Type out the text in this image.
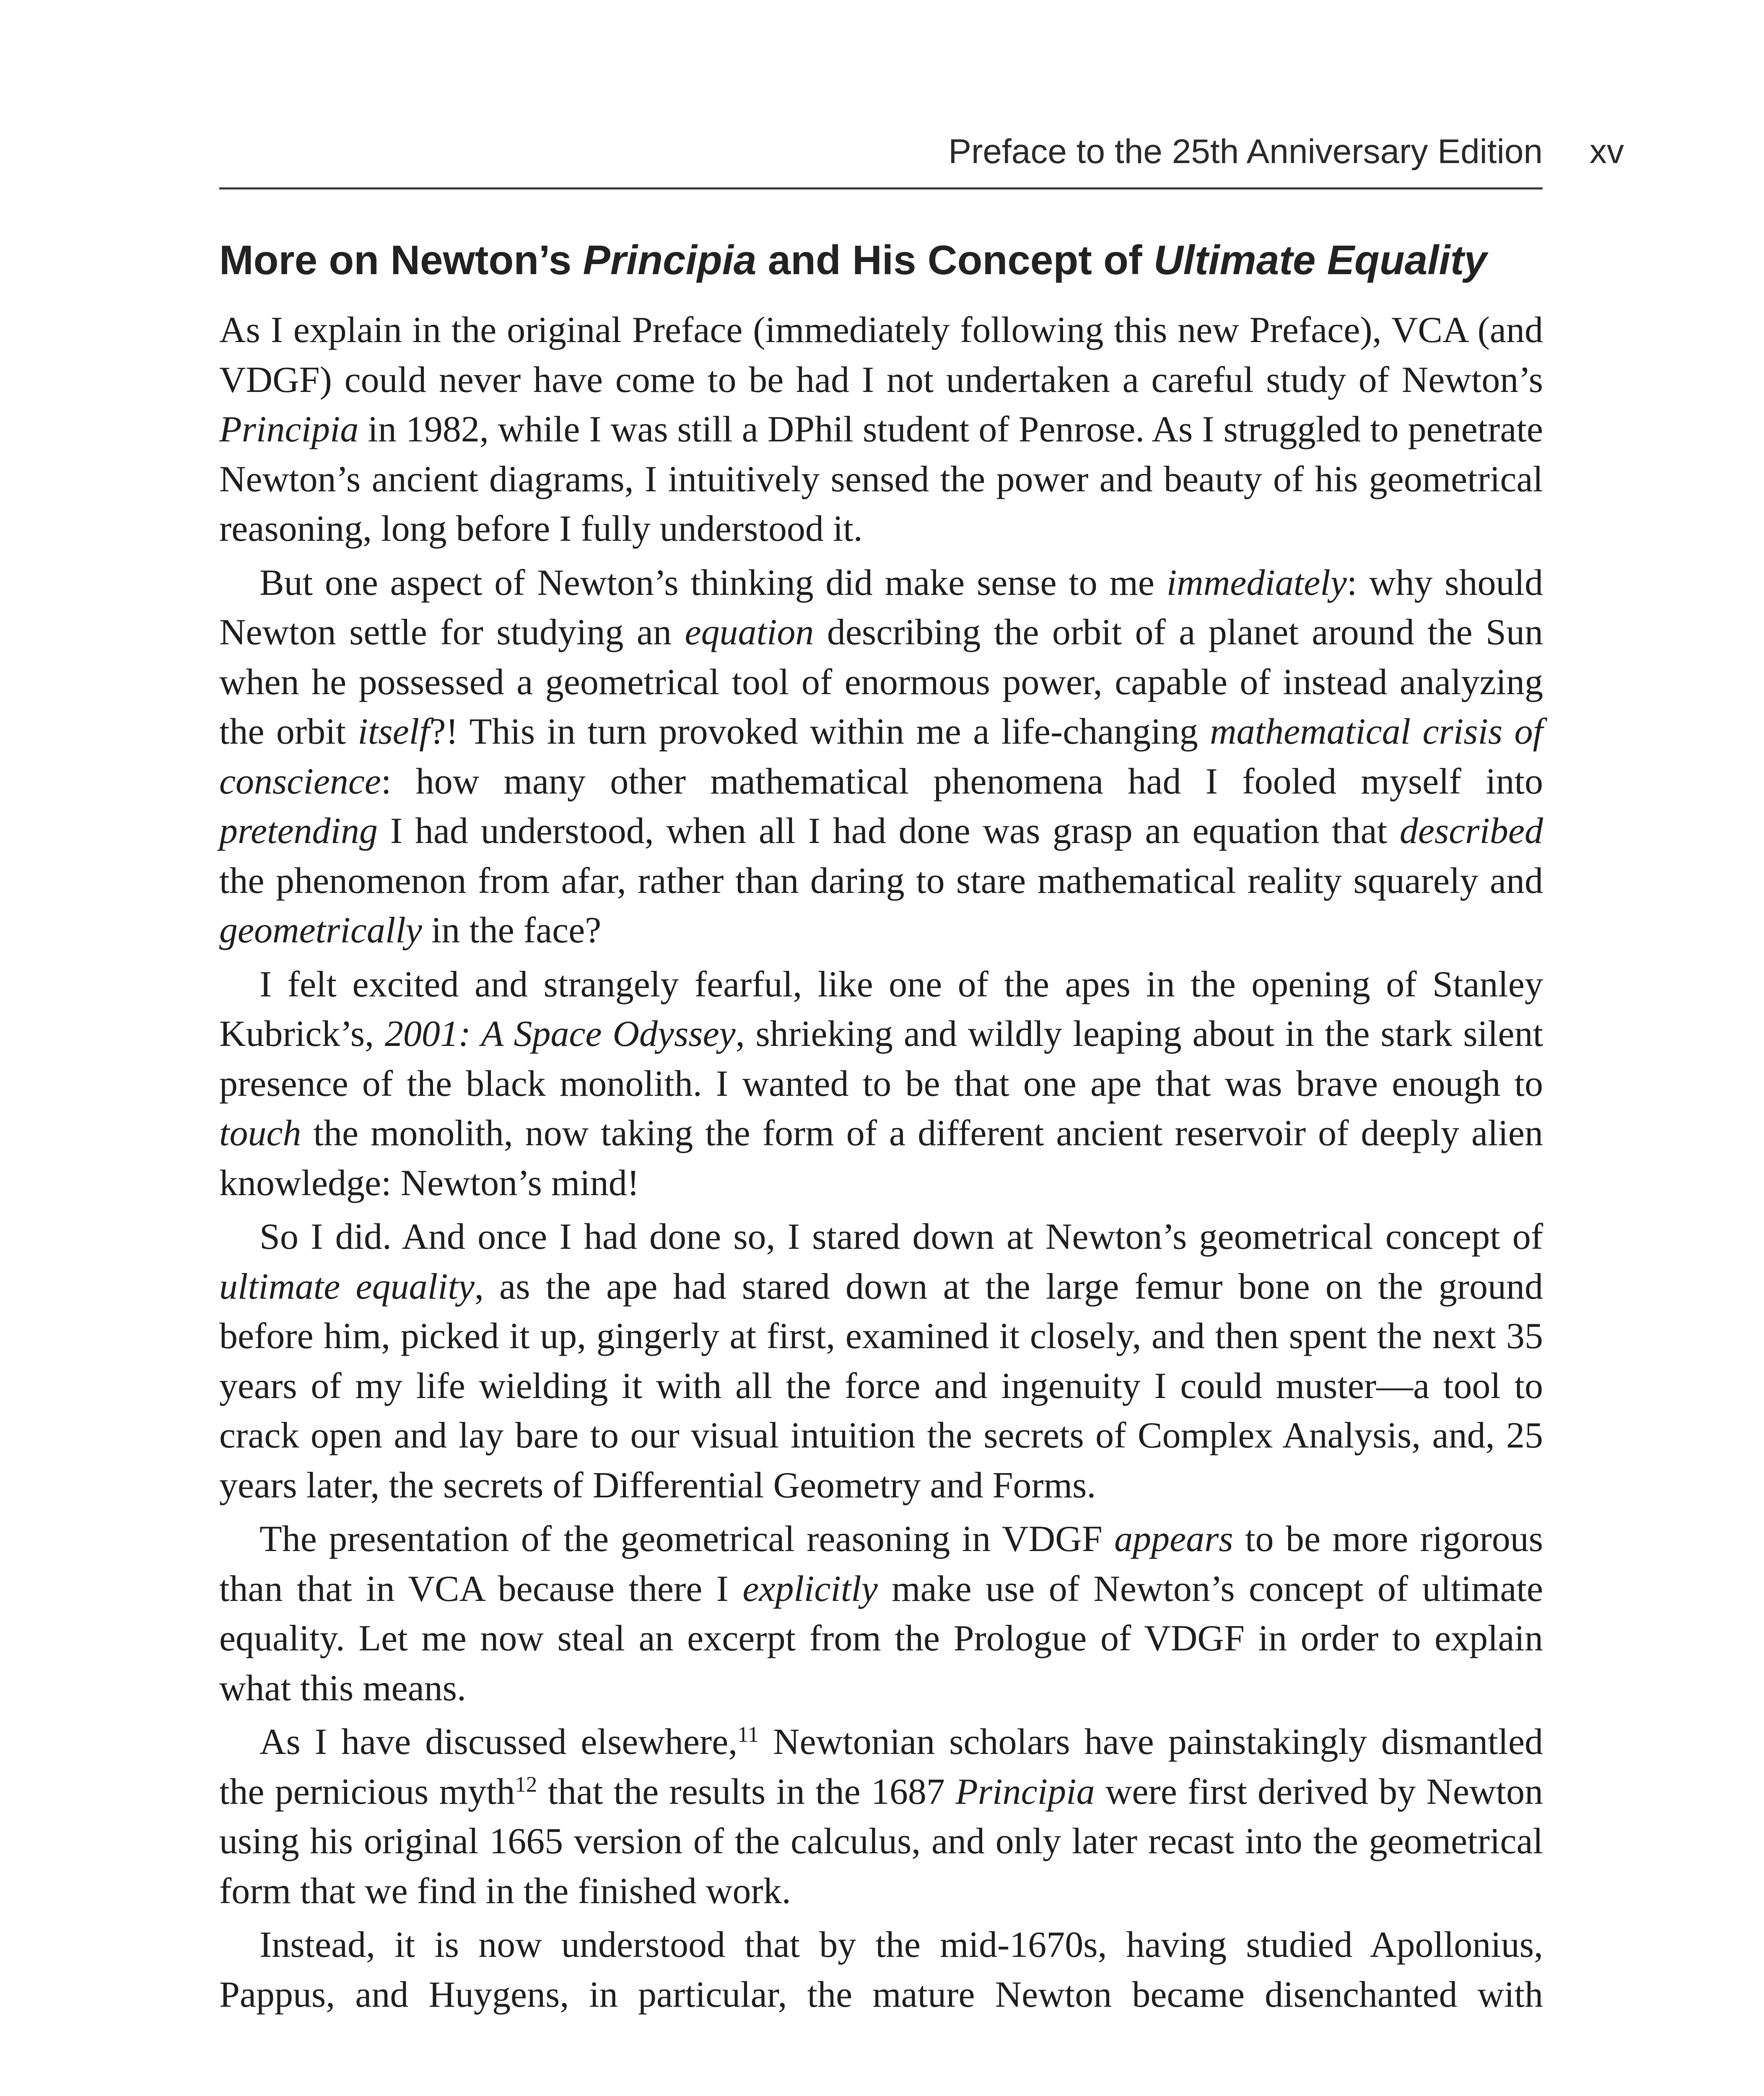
Preface to the 25th Anniversary Edition xv
More on Newton’s Principia and His Concept of Ultimate Equality

As I explain in the original Preface (immediately following this new Preface), VCA (and VDGF) could never have come to be had I not undertaken a careful study of Newton’s Principia in 1982, while I was still a DPhil student of Penrose. As I struggled to penetrate Newton’s ancient diagrams, I intuitively sensed the power and beauty of his geometrical reasoning, long before I fully understood it.

But one aspect of Newton’s thinking did make sense to me immediately: why should Newton settle for studying an equation describing the orbit of a planet around the Sun when he possessed a geometrical tool of enormous power, capable of instead analyzing the orbit itself?! This in turn provoked within me a life-changing mathematical crisis of conscience: how many other mathematical phenomena had I fooled myself into pretending I had understood, when all I had done was grasp an equation that described the phenomenon from afar, rather than daring to stare mathematical reality squarely and geometrically in the face?

I felt excited and strangely fearful, like one of the apes in the opening of Stanley Kubrick’s, 2001: A Space Odyssey, shrieking and wildly leaping about in the stark silent presence of the black monolith. I wanted to be that one ape that was brave enough to touch the monolith, now taking the form of a different ancient reservoir of deeply alien knowledge: Newton’s mind!

So I did. And once I had done so, I stared down at Newton’s geometrical concept of ultimate equality, as the ape had stared down at the large femur bone on the ground before him, picked it up, gingerly at first, examined it closely, and then spent the next 35 years of my life wielding it with all the force and ingenuity I could muster—a tool to crack open and lay bare to our visual intuition the secrets of Complex Analysis, and, 25 years later, the secrets of Differential Geometry and Forms.

The presentation of the geometrical reasoning in VDGF appears to be more rigorous than that in VCA because there I explicitly make use of Newton’s concept of ultimate equality. Let me now steal an excerpt from the Prologue of VDGF in order to explain what this means.

As I have discussed elsewhere,$^{11}$ Newtonian scholars have painstakingly dismantled the pernicious myth$^{12}$ that the results in the 1687 Principia were first derived by Newton using his original 1665 version of the calculus, and only later recast into the geometrical form that we find in the finished work.

Instead, it is now understood that by the mid-1670s, having studied Apollonius, Pappus, and Huygens, in particular, the mature Newton became disenchanted with
